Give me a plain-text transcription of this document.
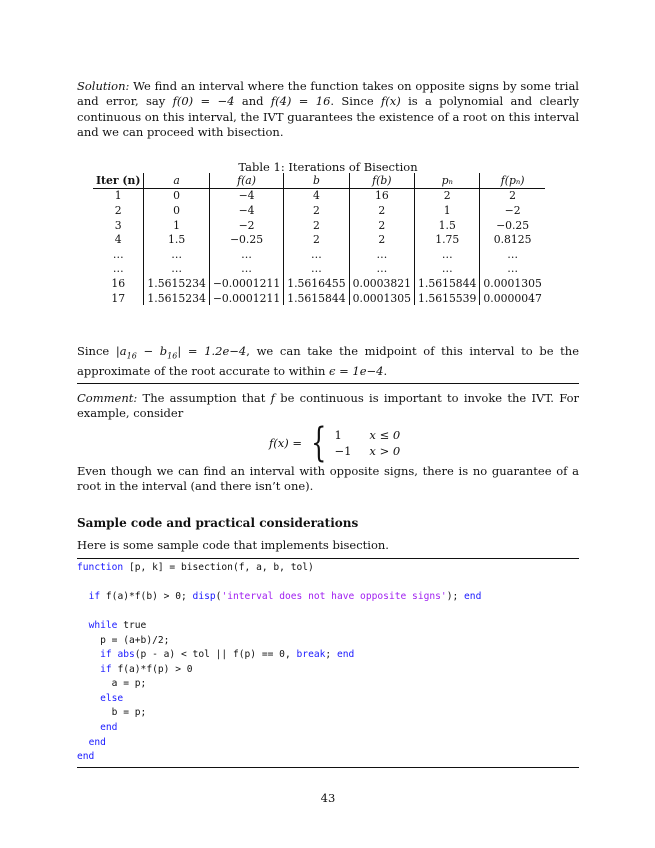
Solution: We find an interval where the function takes on opposite signs by some trial and error, say f(0) = −4 and f(4) = 16. Since f(x) is a polynomial and clearly continuous on this interval, the IVT guarantees the existence of a root on this interval and we can proceed with bisection.

Table 1: Iterations of Bisection
Iter (n)	a	f(a)	b	f(b)	pₙ	f(pₙ)
1	0	−4	4	16	2	2
2	0	−4	2	2	1	−2
3	1	−2	2	2	1.5	−0.25
4	1.5	−0.25	2	2	1.75	0.8125
…	…	…	…	…	…	…
…	…	…	…	…	…	…
16	1.5615234	−0.0001211	1.5616455	0.0003821	1.5615844	0.0001305
17	1.5615234	−0.0001211	1.5615844	0.0001305	1.5615539	0.0000047

Since $|a_{16} - b_{16}| = 1.2e-4$, we can take the midpoint of this interval to be the approximate of the root accurate to within ϵ = 1e−4.

Comment: The assumption that f be continuous is important to invoke the IVT. For example, consider

f(x) = { 1	x ≤ 0
−1 x > 0

Even though we can find an interval with opposite signs, there is no guarantee of a root in the interval (and there isn’t one).

Sample code and practical considerations

Here is some sample code that implements bisection.

function [p, k] = bisection(f, a, b, tol)

if f(a)*f(b) > 0; disp('interval does not have opposite signs'); end

while true
p = (a+b)/2;
if abs(p - a) < tol || f(p) == 0, break; end
if f(a)*f(p) > 0
a = p;
else
b = p;
end
end
end
43
